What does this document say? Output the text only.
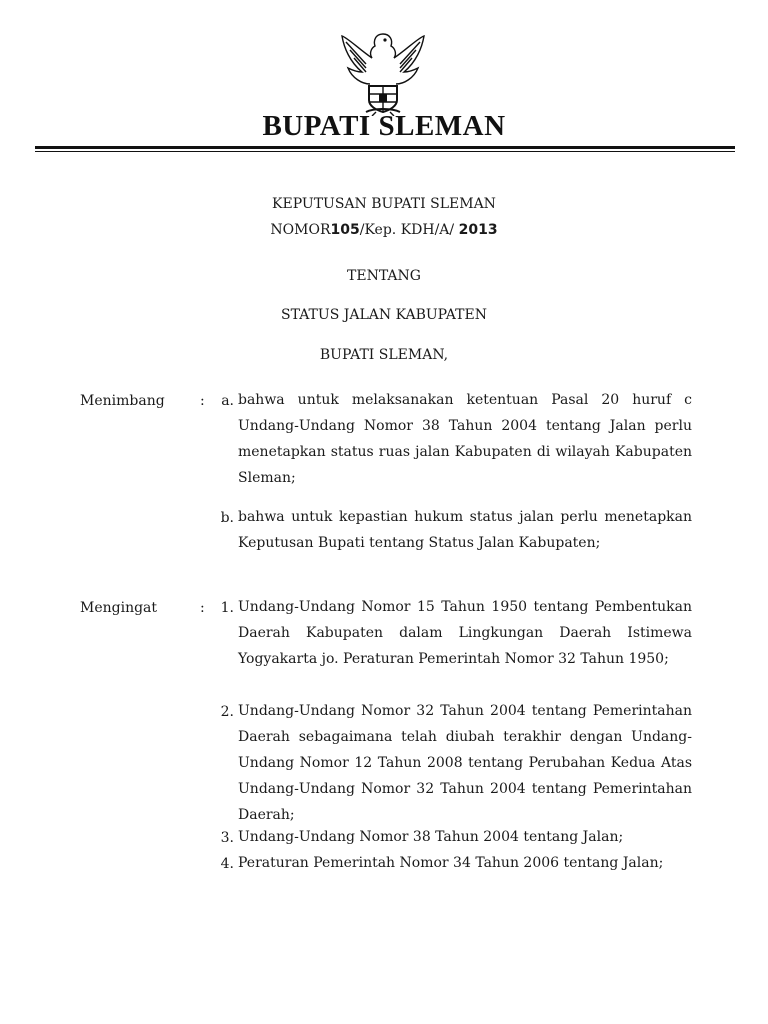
BUPATI SLEMAN
KEPUTUSAN BUPATI SLEMAN
NOMOR105/Kep. KDH/A/ 2013
TENTANG
STATUS JALAN KABUPATEN
BUPATI SLEMAN,
Menimbang	:	a. bahwa untuk melaksanakan ketentuan Pasal 20 huruf c Undang-Undang Nomor 38 Tahun 2004 tentang Jalan perlu menetapkan status ruas jalan Kabupaten di wilayah Kabupaten Sleman;
b. bahwa untuk kepastian hukum status jalan perlu menetapkan Keputusan Bupati tentang Status Jalan Kabupaten;
Mengingat	:	1. Undang-Undang Nomor 15 Tahun 1950 tentang Pembentukan Daerah Kabupaten dalam Lingkungan Daerah Istimewa Yogyakarta jo. Peraturan Pemerintah Nomor 32 Tahun 1950;
2. Undang-Undang Nomor 32 Tahun 2004 tentang Pemerintahan Daerah sebagaimana telah diubah terakhir dengan Undang-Undang Nomor 12 Tahun 2008 tentang Perubahan Kedua Atas Undang-Undang Nomor 32 Tahun 2004 tentang Pemerintahan Daerah;
3. Undang-Undang Nomor 38 Tahun 2004 tentang Jalan;
4. Peraturan Pemerintah Nomor 34 Tahun 2006 tentang Jalan;
